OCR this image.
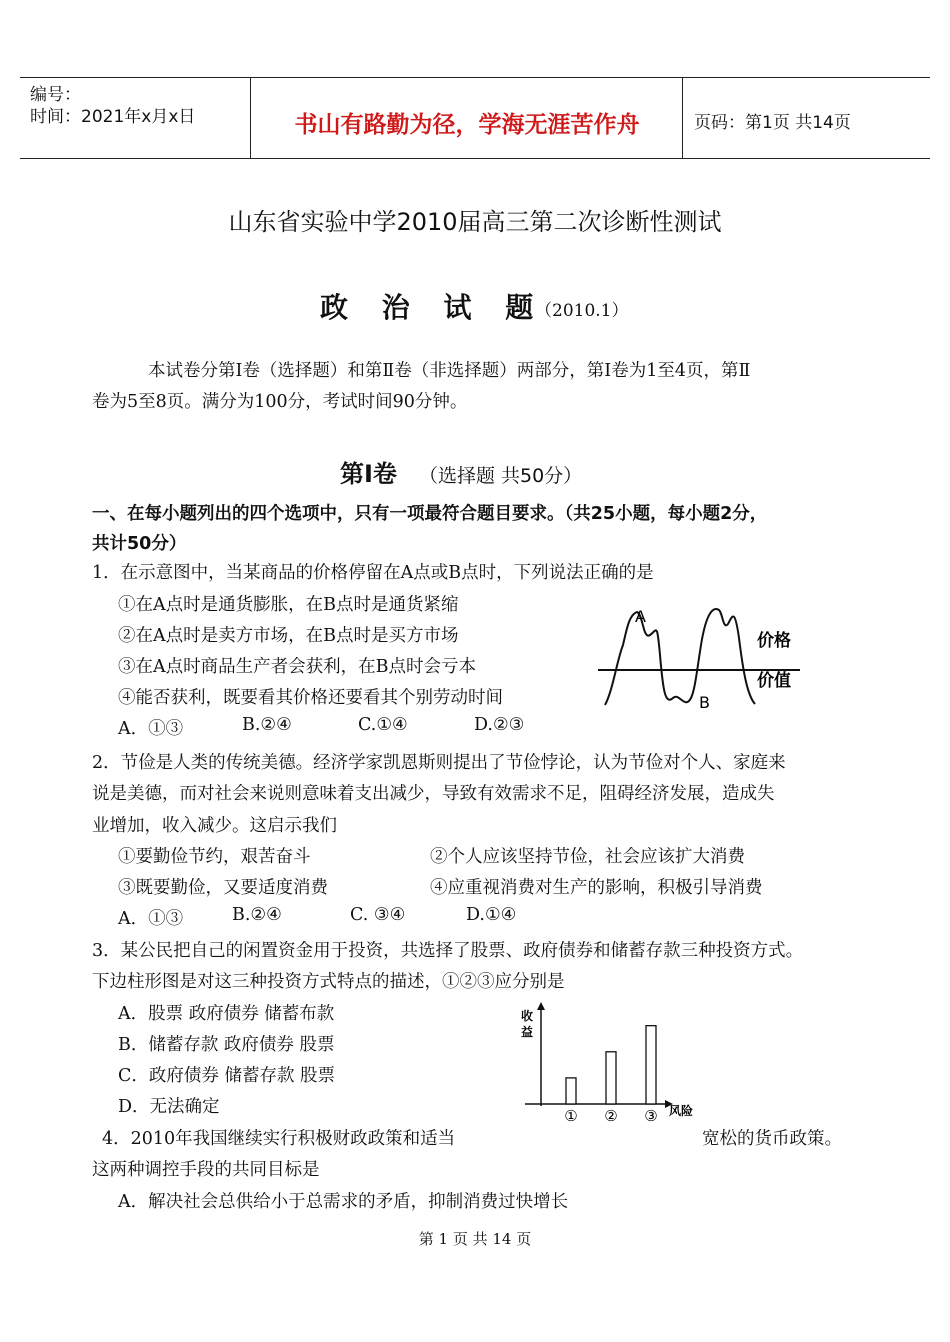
编号：
时间：2021年x月x日	书山有路勤为径，学海无涯苦作舟	页码：第1页 共14页
山东省实验中学2010届高三第二次诊断性测试
政 治 试 题
（2010.1）
本试卷分第Ⅰ卷（选择题）和第Ⅱ卷（非选择题）两部分，第Ⅰ卷为1至4页，第Ⅱ
卷为5至8页。满分为100分，考试时间90分钟。
第Ⅰ卷 （选择题 共50分）
一、在每小题列出的四个选项中，只有一项最符合题目要求。（共25小题，每小题2分，
共计50分）
1．在示意图中，当某商品的价格停留在A点或B点时，下列说法正确的是
①在A点时是通货膨胀，在B点时是通货紧缩
②在A点时是卖方市场，在B点时是买方市场
③在A点时商品生产者会获利，在B点时会亏本
④能否获利，既要看其价格还要看其个别劳动时间
A．①③	B.②④	C.①④	D.②③
A
B
价格
价值
2．节俭是人类的传统美德。经济学家凯恩斯则提出了节俭悖论，认为节俭对个人、家庭来
说是美德，而对社会来说则意味着支出减少，导致有效需求不足，阻碍经济发展，造成失
业增加，收入减少。这启示我们
①要勤俭节约，艰苦奋斗	②个人应该坚持节俭，社会应该扩大消费
③既要勤俭，又要适度消费	④应重视消费对生产的影响，积极引导消费
A．①③	B.②④	C. ③④	D.①④
3．某公民把自己的闲置资金用于投资，共选择了股票、政府债券和储蓄存款三种投资方式。
下边柱形图是对这三种投资方式特点的描述，①②③应分别是
A．股票 政府债券 储蓄布款
B．储蓄存款 政府债券 股票
C．政府债券 储蓄存款 股票
D．无法确定
收
益
风险
① ② ③
4．2010年我国继续实行积极财政政策和适当	宽松的货币政策。
这两种调控手段的共同目标是
A．解决社会总供给小于总需求的矛盾，抑制消费过快增长
第 1 页 共 14 页
